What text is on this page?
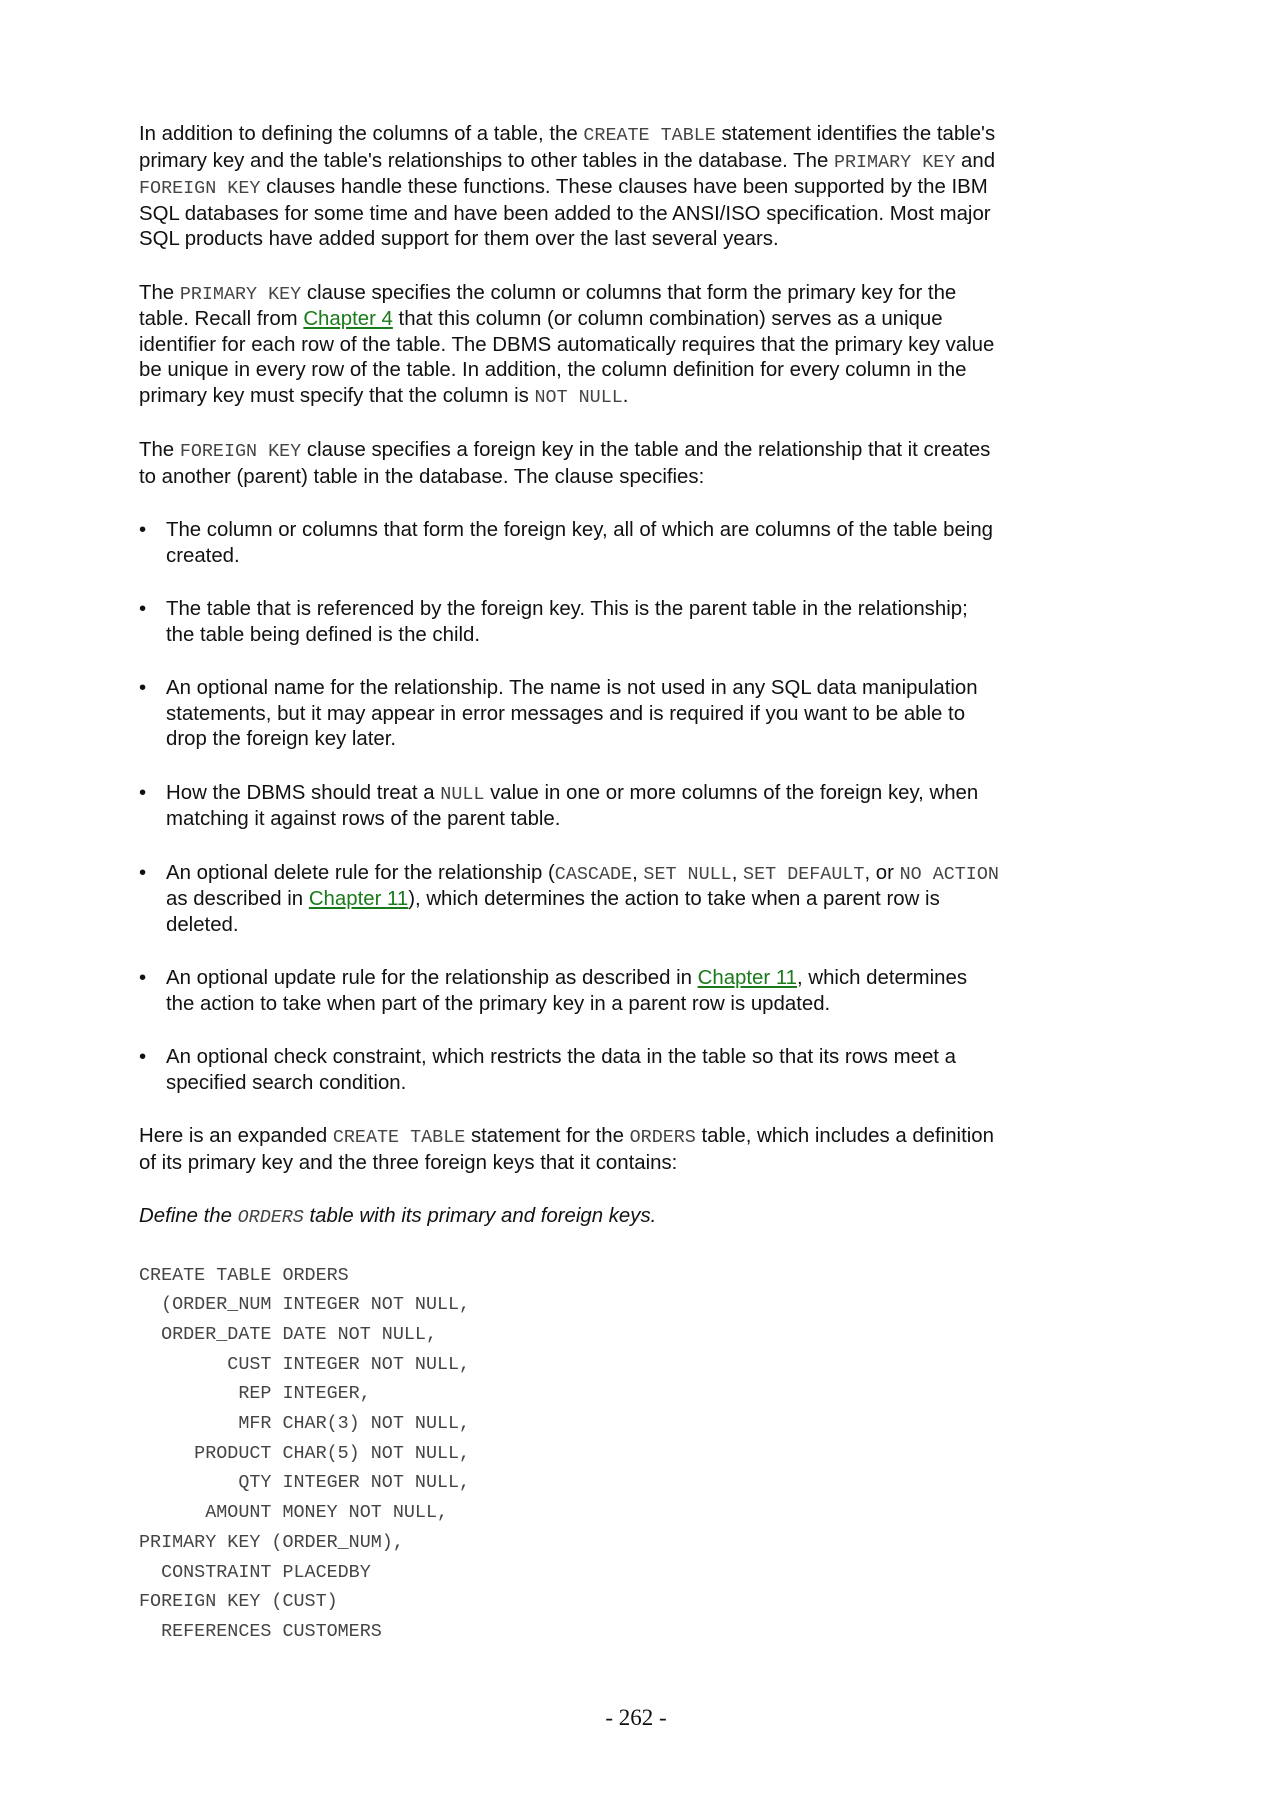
In addition to defining the columns of a table, the CREATE TABLE statement identifies the table's primary key and the table's relationships to other tables in the database. The PRIMARY KEY and FOREIGN KEY clauses handle these functions. These clauses have been supported by the IBM SQL databases for some time and have been added to the ANSI/ISO specification. Most major SQL products have added support for them over the last several years.

The PRIMARY KEY clause specifies the column or columns that form the primary key for the table. Recall from Chapter 4 that this column (or column combination) serves as a unique identifier for each row of the table. The DBMS automatically requires that the primary key value be unique in every row of the table. In addition, the column definition for every column in the primary key must specify that the column is NOT NULL.

The FOREIGN KEY clause specifies a foreign key in the table and the relationship that it creates to another (parent) table in the database. The clause specifies:

• The column or columns that form the foreign key, all of which are columns of the table being created.
• The table that is referenced by the foreign key. This is the parent table in the relationship; the table being defined is the child.
• An optional name for the relationship. The name is not used in any SQL data manipulation statements, but it may appear in error messages and is required if you want to be able to drop the foreign key later.
• How the DBMS should treat a NULL value in one or more columns of the foreign key, when matching it against rows of the parent table.
• An optional delete rule for the relationship (CASCADE, SET NULL, SET DEFAULT, or NO ACTION as described in Chapter 11), which determines the action to take when a parent row is deleted.
• An optional update rule for the relationship as described in Chapter 11, which determines the action to take when part of the primary key in a parent row is updated.
• An optional check constraint, which restricts the data in the table so that its rows meet a specified search condition.

Here is an expanded CREATE TABLE statement for the ORDERS table, which includes a definition of its primary key and the three foreign keys that it contains:

Define the ORDERS table with its primary and foreign keys.

CREATE TABLE ORDERS
(ORDER_NUM INTEGER NOT NULL,
ORDER_DATE DATE NOT NULL,
CUST INTEGER NOT NULL,
REP INTEGER,
MFR CHAR(3) NOT NULL,
PRODUCT CHAR(5) NOT NULL,
QTY INTEGER NOT NULL,
AMOUNT MONEY NOT NULL,
PRIMARY KEY (ORDER_NUM),
CONSTRAINT PLACEDBY
FOREIGN KEY (CUST)
REFERENCES CUSTOMERS
- 262 -
